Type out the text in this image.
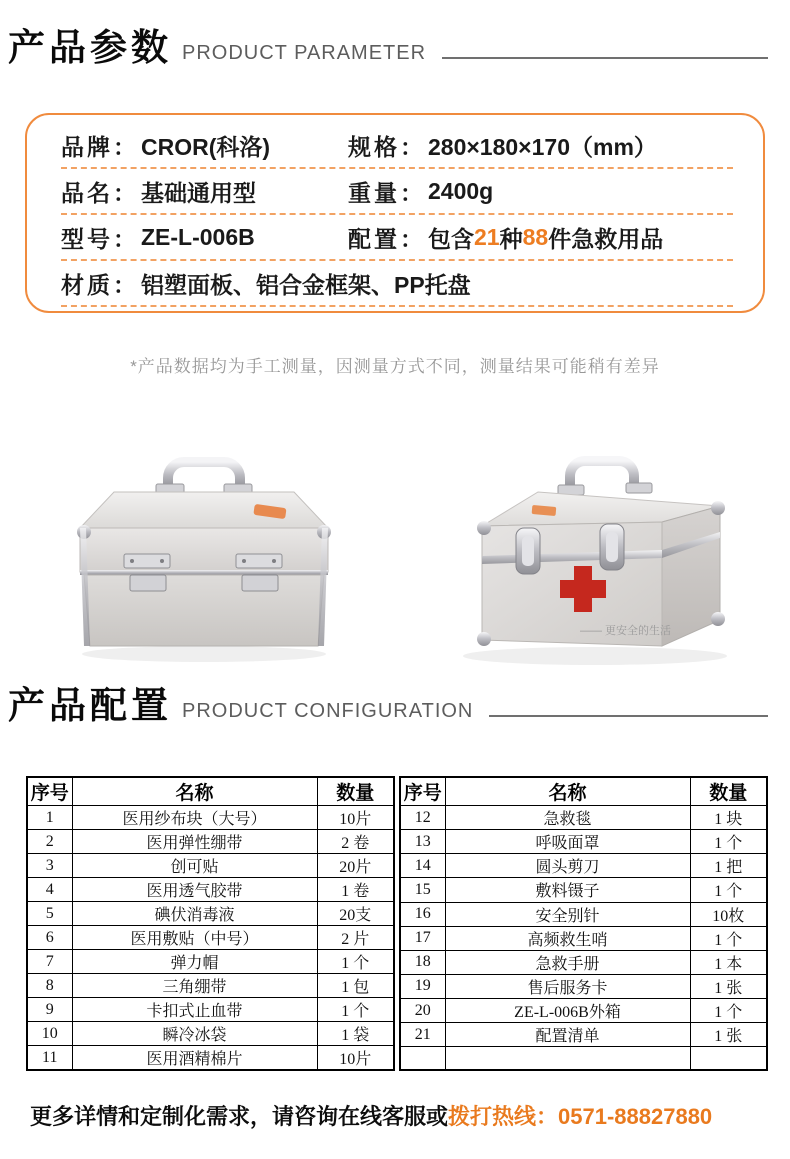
产品参数 PRODUCT PARAMETER
品牌： CROR(科洛)	规格： 280×180×170（mm）
品名： 基础通用型	重量： 2400g
型号： ZE-L-006B	配置： 包含 21 种 88 件急救用品
材质： 铝塑面板、铝合金框架、PP托盘
*产品数据均为手工测量，因测量方式不同，测量结果可能稍有差异
—— 更安全的生活
产品配置 PRODUCT CONFIGURATION
序号	名称	数量
1	医用纱布块（大号）	10片
2	医用弹性绷带	2 卷
3	创可贴	20片
4	医用透气胶带	1 卷
5	碘伏消毒液	20支
6	医用敷贴（中号）	2 片
7	弹力帽	1 个
8	三角绷带	1 包
9	卡扣式止血带	1 个
10	瞬冷冰袋	1 袋
11	医用酒精棉片	10片
序号	名称	数量
12	急救毯	1 块
13	呼吸面罩	1 个
14	圆头剪刀	1 把
15	敷料镊子	1 个
16	安全别针	10枚
17	高频救生哨	1 个
18	急救手册	1 本
19	售后服务卡	1 张
20	ZE-L-006B外箱	1 个
21	配置清单	1 张

更多详情和定制化需求，请咨询在线客服或拨打热线：0571-88827880
